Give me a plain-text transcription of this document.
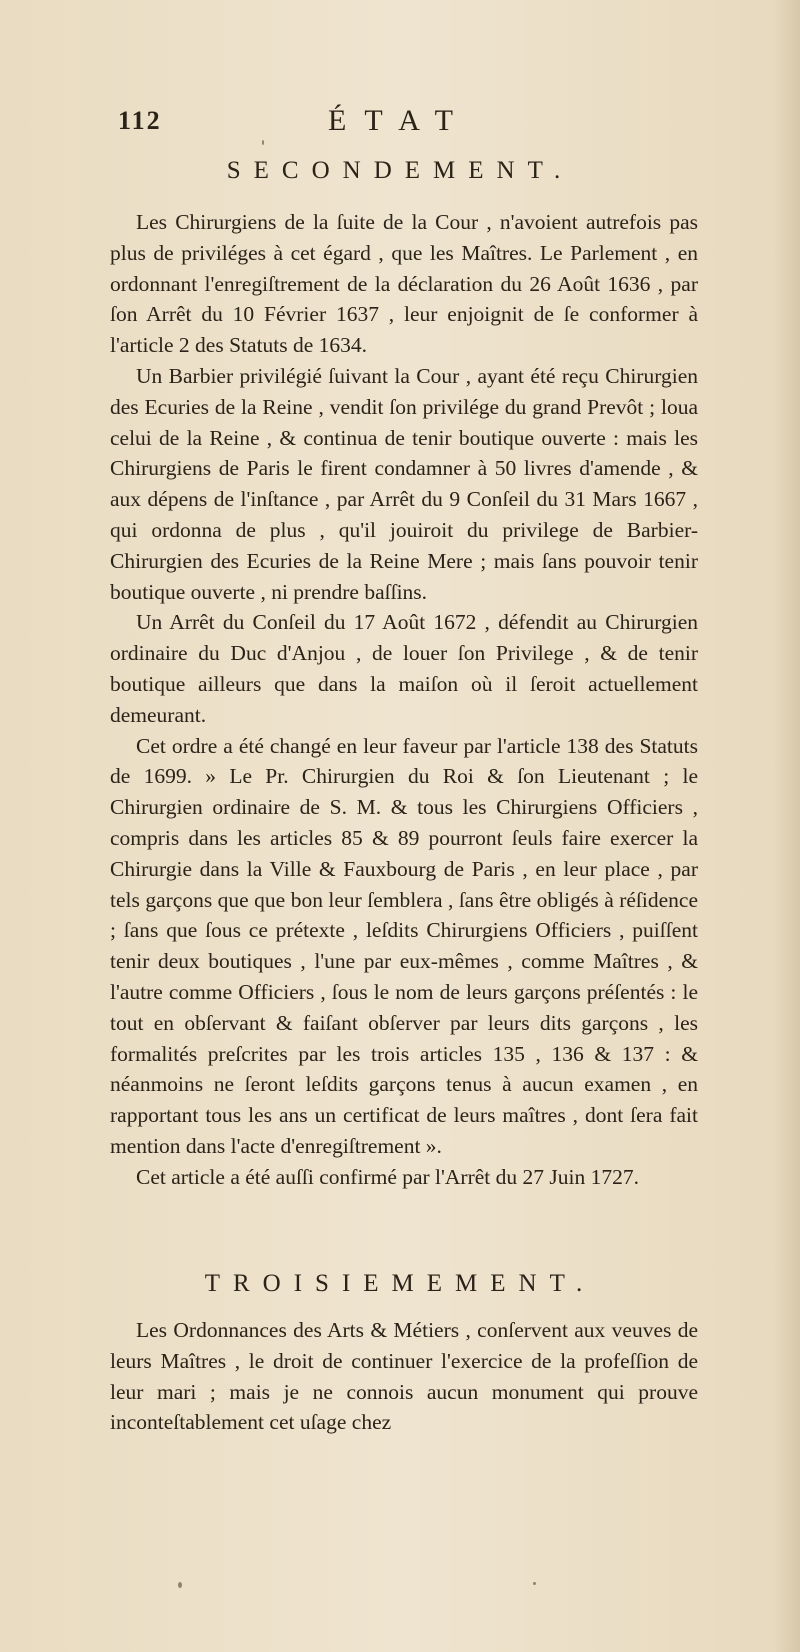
112	ÉTAT
SECONDEMENT.

Les Chirurgiens de la ſuite de la Cour , n'avoient autrefois pas plus de priviléges à cet égard , que les Maîtres. Le Parlement , en ordonnant l'enregiſtrement de la déclaration du 26 Août 1636 , par ſon Arrêt du 10 Février 1637 , leur enjoignit de ſe conformer à l'article 2 des Statuts de 1634.

Un Barbier privilégié ſuivant la Cour , ayant été reçu Chirurgien des Ecuries de la Reine , vendit ſon privilége du grand Prevôt ; loua celui de la Reine , & continua de tenir boutique ouverte : mais les Chirurgiens de Paris le firent condamner à 50 livres d'amende , & aux dépens de l'inſtance , par Arrêt du 9 Conſeil du 31 Mars 1667 , qui ordonna de plus , qu'il jouiroit du privilege de Barbier-Chirurgien des Ecuries de la Reine Mere ; mais ſans pouvoir tenir boutique ouverte , ni prendre baſſins.

Un Arrêt du Conſeil du 17 Août 1672 , défendit au Chirurgien ordinaire du Duc d'Anjou , de louer ſon Privilege , & de tenir boutique ailleurs que dans la maiſon où il ſeroit actuellement demeurant.

Cet ordre a été changé en leur faveur par l'article 138 des Statuts de 1699. » Le Pr. Chirurgien du Roi & ſon Lieutenant ; le Chirurgien ordinaire de S. M. & tous les Chirurgiens Officiers , compris dans les articles 85 & 89 pourront ſeuls faire exercer la Chirurgie dans la Ville & Fauxbourg de Paris , en leur place , par tels garçons que que bon leur ſemblera , ſans être obligés à réſidence ; ſans que ſous ce prétexte , leſdits Chirurgiens Officiers , puiſſent tenir deux boutiques , l'une par eux-mêmes , comme Maîtres , & l'autre comme Officiers , ſous le nom de leurs garçons préſentés : le tout en obſervant & faiſant obſerver par leurs dits garçons , les formalités preſcrites par les trois articles 135 , 136 & 137 : & néanmoins ne ſeront leſdits garçons tenus à aucun examen , en rapportant tous les ans un certificat de leurs maîtres , dont ſera fait mention dans l'acte d'enregiſtrement ».

Cet article a été auſſi confirmé par l'Arrêt du 27 Juin 1727.

TROISIEMEMENT.

Les Ordonnances des Arts & Métiers , conſervent aux veuves de leurs Maîtres , le droit de continuer l'exercice de la profeſſion de leur mari ; mais je ne connois aucun monument qui prouve inconteſtablement cet uſage chez
